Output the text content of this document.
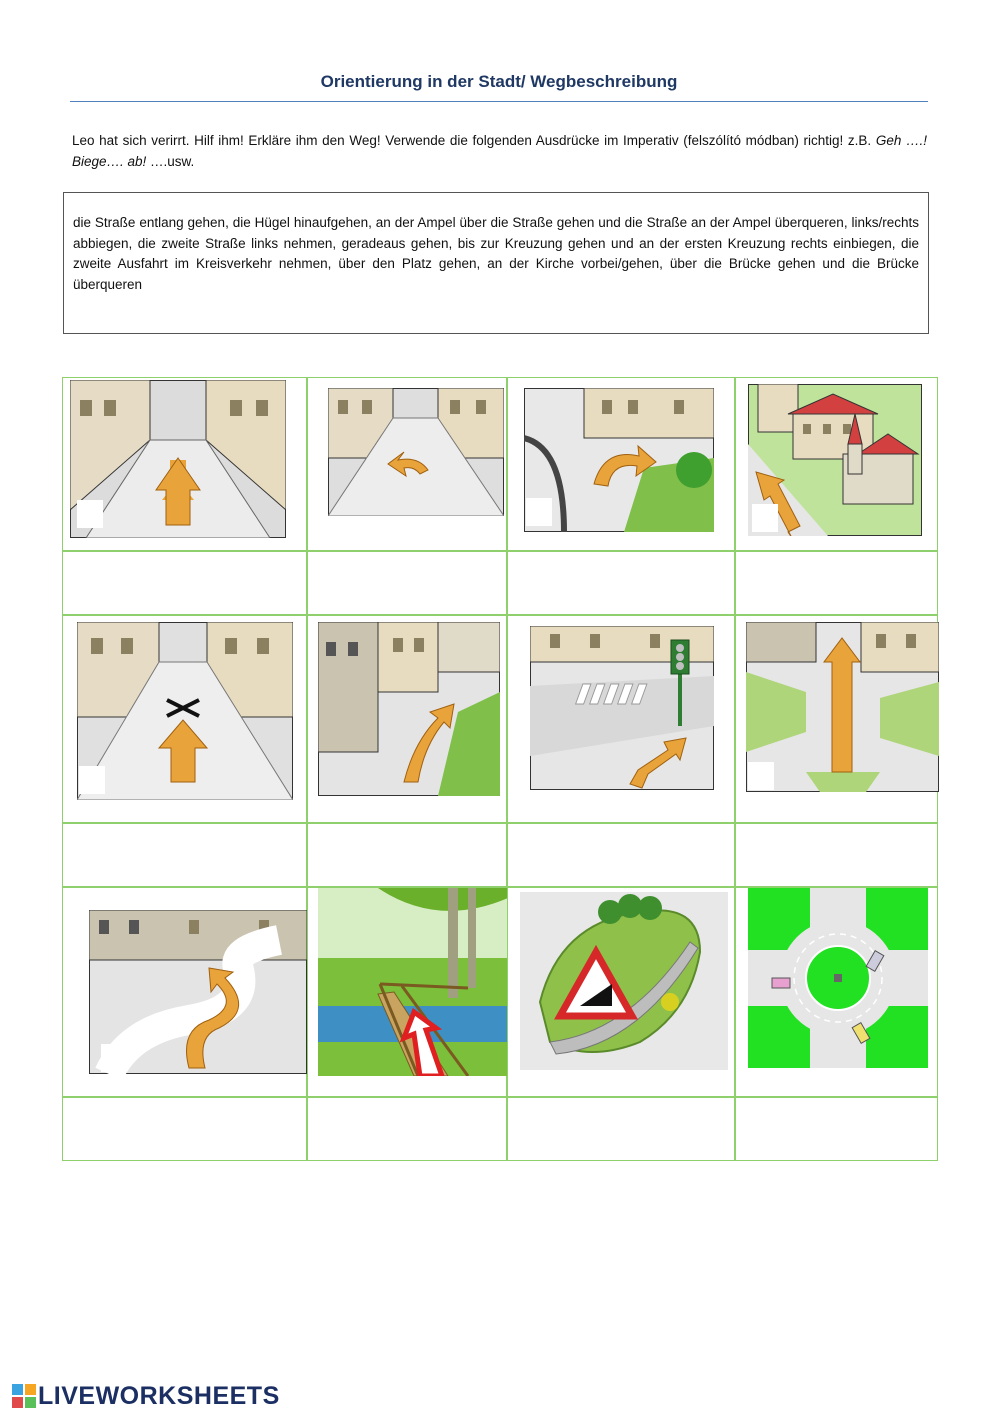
Orientierung in der Stadt/ Wegbeschreibung
Leo hat sich verirrt. Hilf ihm! Erkläre ihm den Weg! Verwende die folgenden Ausdrücke im Imperativ (felszólító módban) richtig! z.B. Geh ….! Biege…. ab! ….usw.
die Straße entlang gehen, die Hügel hinaufgehen, an der Ampel über die Straße gehen und die Straße an der Ampel überqueren, links/rechts abbiegen, die zweite Straße links nehmen, geradeaus gehen, bis zur Kreuzung gehen und an der ersten Kreuzung rechts einbiegen, die zweite Ausfahrt im Kreisverkehr nehmen, über den Platz gehen, an der Kirche vorbei/gehen, über die Brücke gehen und die Brücke überqueren
LIVEWORKSHEETS
